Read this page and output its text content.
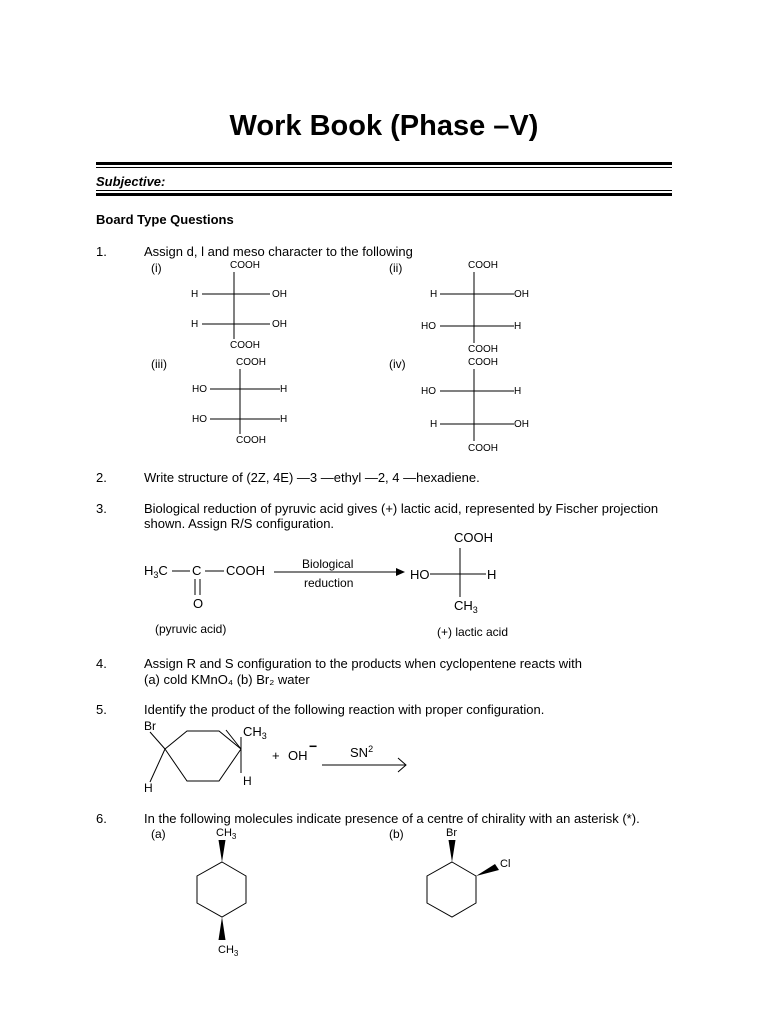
Work Book (Phase –V)
Subjective:
Board Type Questions
1.	Assign d, l and meso character to the following
2.	Write structure of (2Z, 4E) —3 —ethyl —2, 4 —hexadiene.
3.	Biological reduction of pyruvic acid gives (+) lactic acid, represented by Fischer projection
shown. Assign R/S configuration.
4.	Assign R and S configuration to the products when cyclopentene reacts with
(a) cold KMnO₄ (b) Br₂ water
5.	Identify the product of the following reaction with proper configuration.
6.	In the following molecules indicate presence of a centre of chirality with an asterisk (*).
(i)	(ii)
(iii)	(iv)
COOH
H	OH
H	OH
COOH
COOH
H	OH
HO	H
COOH
COOH
HO	H
HO	H
COOH
COOH
HO	H
H	OH
COOH
$H_3C$ C COOH
O
Biological
reduction
HO	H
COOH
$CH_3$
(pyruvic acid)	(+) lactic acid
Br	$CH_3$
H	H
+ OH
−	$SN^2$
(a)	(b)
$CH_3$
$CH_3$
Br
Cl
